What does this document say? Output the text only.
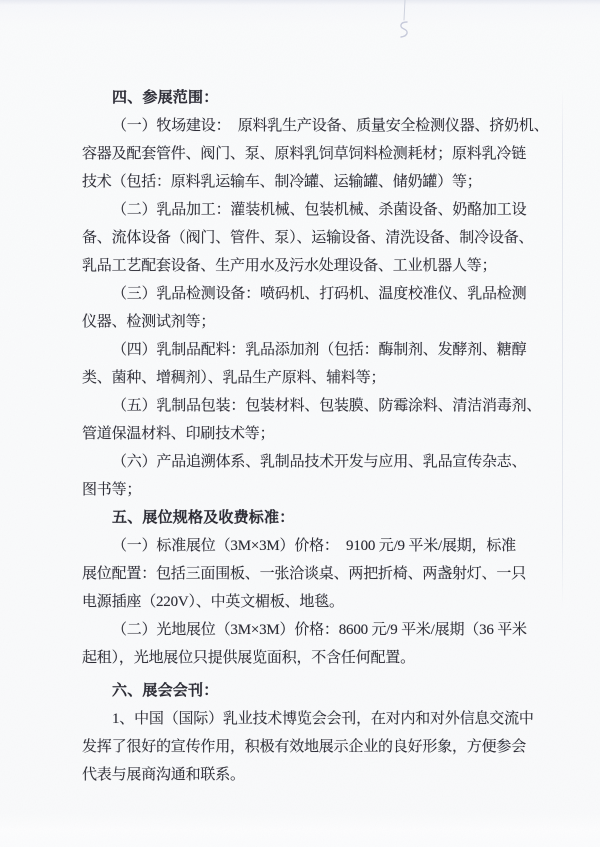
四、参展范围：
（一）牧场建设：　原料乳生产设备、质量安全检测仪器、挤奶机、
容器及配套管件、阀门、泵、原料乳饲草饲料检测耗材；原料乳冷链
技术（包括：原料乳运输车、制冷罐、运输罐、储奶罐）等；
（二）乳品加工：灌装机械、包装机械、杀菌设备、奶酪加工设
备、流体设备（阀门、管件、泵）、运输设备、清洗设备、制冷设备、
乳品工艺配套设备、生产用水及污水处理设备、工业机器人等；
（三）乳品检测设备：喷码机、打码机、温度校准仪、乳品检测
仪器、检测试剂等；
（四）乳制品配料：乳品添加剂（包括：酶制剂、发酵剂、糖醇
类、菌种、增稠剂）、乳品生产原料、辅料等；
（五）乳制品包装：包装材料、包装膜、防霉涂料、清洁消毒剂、
管道保温材料、印刷技术等；
（六）产品追溯体系、乳制品技术开发与应用、乳品宣传杂志、
图书等；
五、展位规格及收费标准：
（一）标准展位（3M×3M）价格：　9100 元/9 平米/展期，标准
展位配置：包括三面围板、一张洽谈桌、两把折椅、两盏射灯、一只
电源插座（220V）、中英文楣板、地毯。
（二）光地展位（3M×3M）价格：8600 元/9 平米/展期（36 平米
起租），光地展位只提供展览面积，不含任何配置。
六、展会会刊：
1、中国（国际）乳业技术博览会会刊，在对内和对外信息交流中
发挥了很好的宣传作用，积极有效地展示企业的良好形象，方便参会
代表与展商沟通和联系。
